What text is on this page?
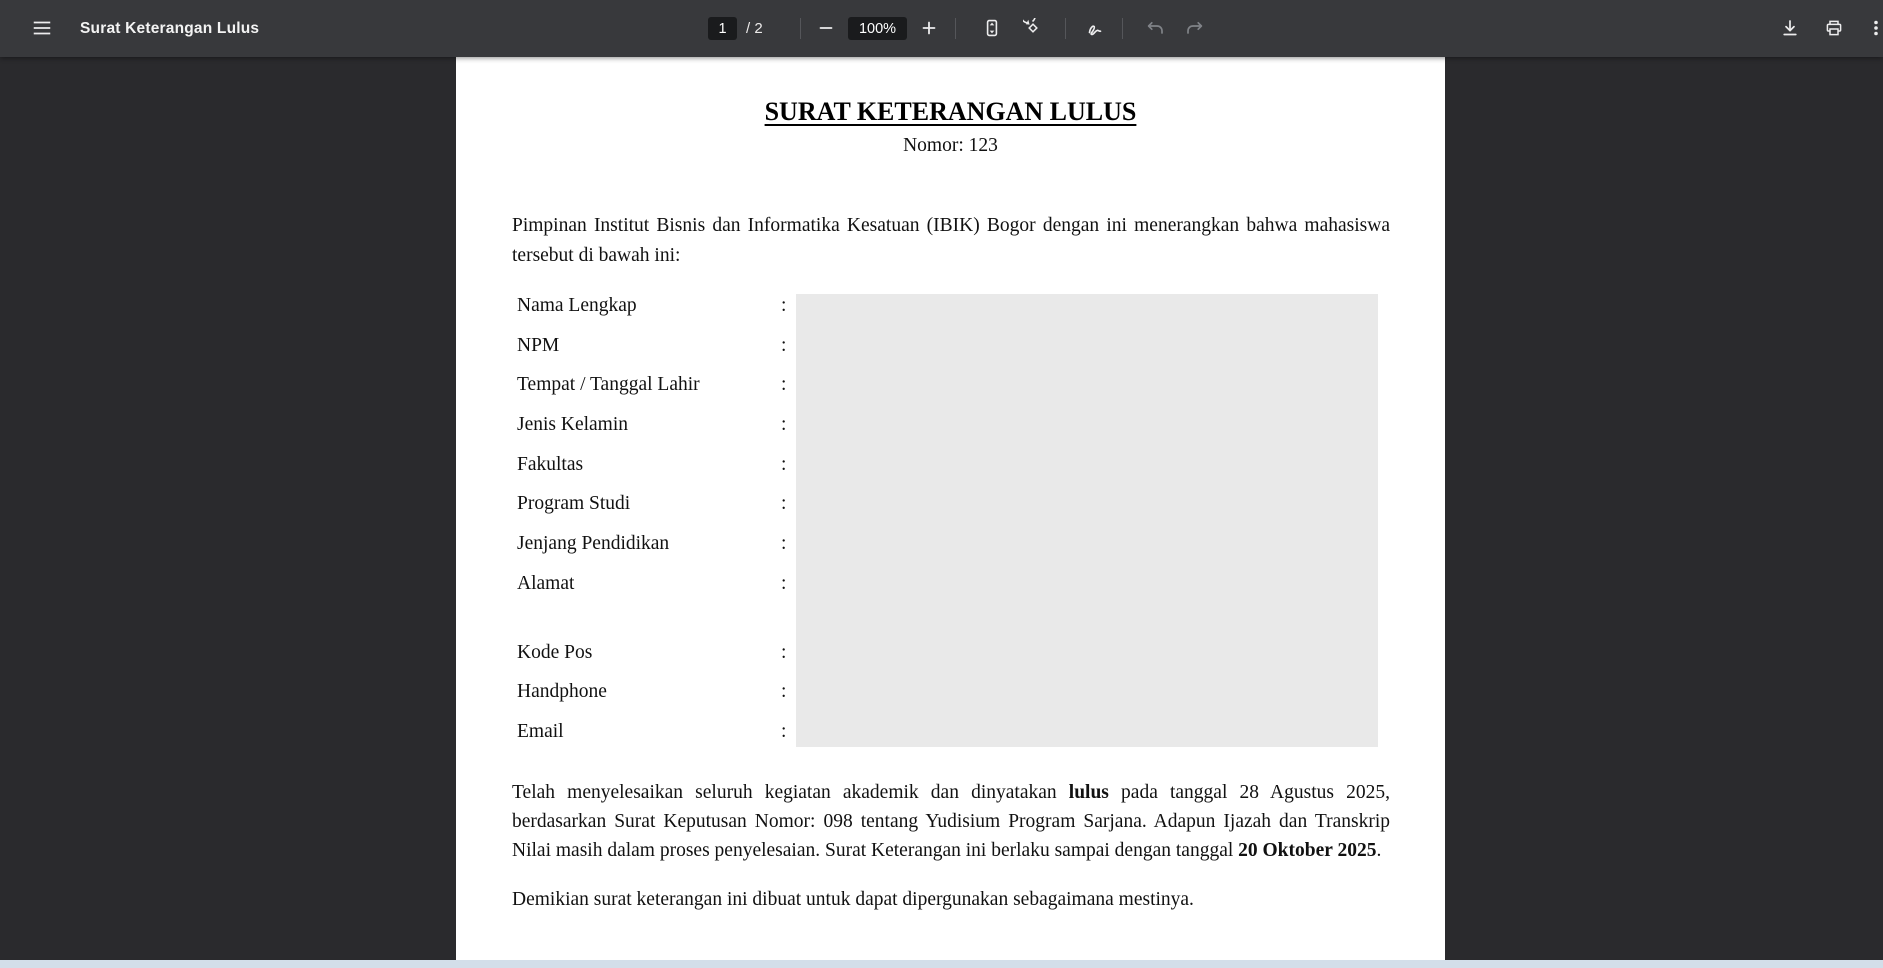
Surat Keterangan Lulus
1	/ 2	100%
SURAT KETERANGAN LULUS
Nomor: 123

Pimpinan Institut Bisnis dan Informatika Kesatuan (IBIK) Bogor dengan ini menerangkan bahwa mahasiswa tersebut di bawah ini:

Nama Lengkap	:
NPM	:
Tempat / Tanggal Lahir	:
Jenis Kelamin	:
Fakultas	:
Program Studi	:
Jenjang Pendidikan	:
Alamat	:
Kode Pos	:
Handphone	:
Email	:

Telah menyelesaikan seluruh kegiatan akademik dan dinyatakan lulus pada tanggal 28 Agustus 2025, berdasarkan Surat Keputusan Nomor: 098 tentang Yudisium Program Sarjana. Adapun Ijazah dan Transkrip Nilai masih dalam proses penyelesaian. Surat Keterangan ini berlaku sampai dengan tanggal 20 Oktober 2025.

Demikian surat keterangan ini dibuat untuk dapat dipergunakan sebagaimana mestinya.
